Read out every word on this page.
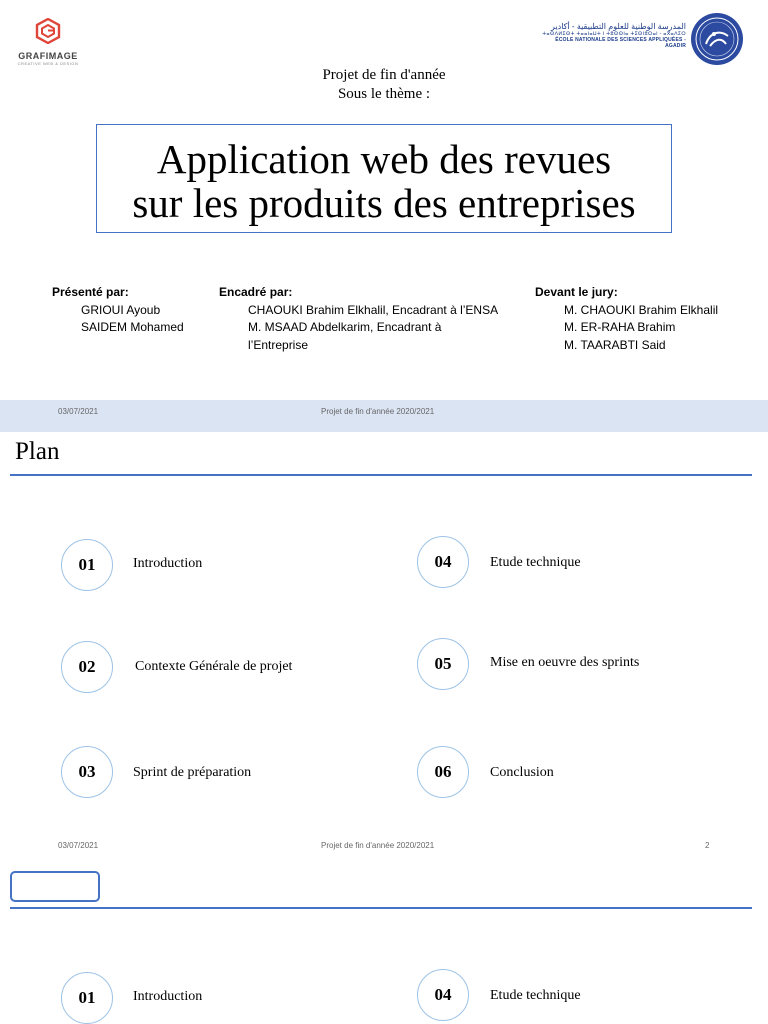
GRAFIMAGE
CREATIVE WEB & DESIGN
المدرسة الوطنية للعلوم التطبيقية - أكادير
ⵜⴰⵙⴷⵍⵉⵙⵜ ⵜⴰⴰⵏⴰⵡⵜ ⵏ ⵜⵓⵙⵙⵏⴰ ⵜⵉⵙⵏⵓⵔⴰⵏ - ⴰⴳⴰⴷⵉⵔ
ÉCOLE NATIONALE DES SCIENCES APPLIQUÉES - AGADIR
Projet de fin d'année
Sous le thème :
Application web des revues
sur les produits des entreprises
Présenté par:
GRIOUI Ayoub
SAIDEM Mohamed
Encadré par:
CHAOUKI Brahim Elkhalil, Encadrant à l’ENSA
M. MSAAD Abdelkarim, Encadrant à
l’Entreprise
Devant le jury:
M. CHAOUKI Brahim Elkhalil
M. ER-RAHA Brahim
M. TAARABTI Said
03/07/2021	Projet de fin d'année 2020/2021
Plan
01	Introduction
02	Contexte Générale de projet
03	Sprint de préparation
04	Etude technique
05	Mise en oeuvre des sprints
06	Conclusion
03/07/2021	Projet de fin d'année 2020/2021	2
01	Introduction	04	Etude technique
